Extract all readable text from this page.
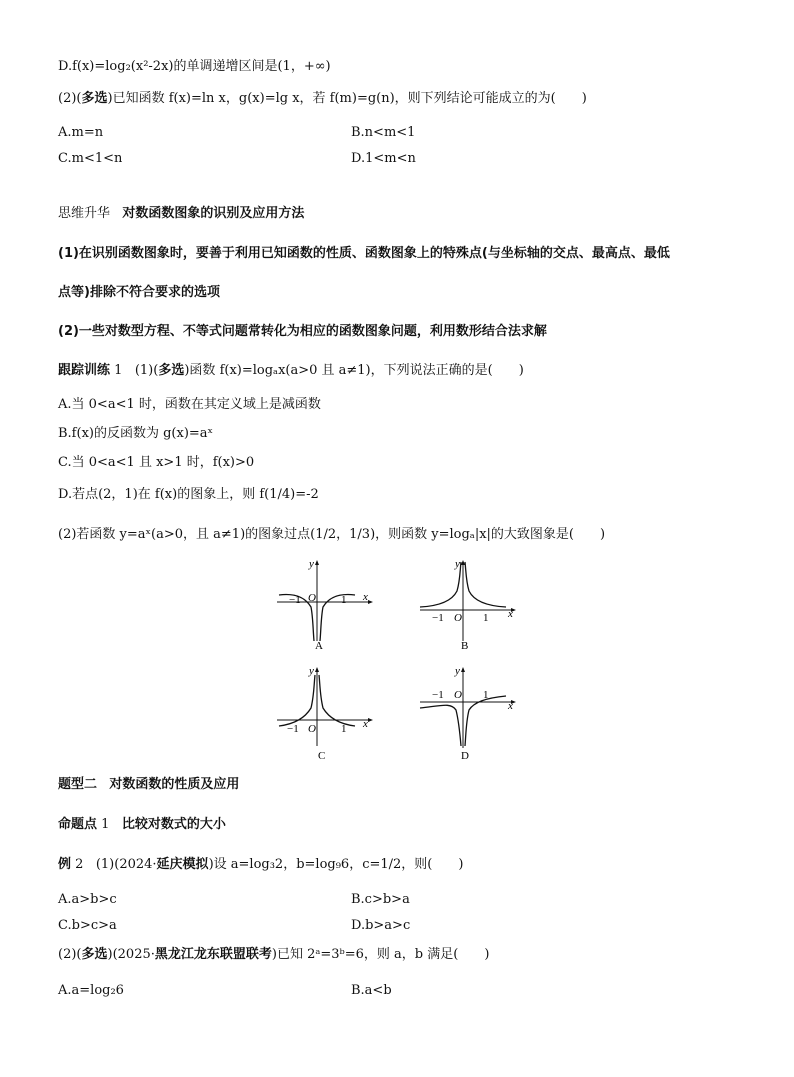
D.f(x)=log₂(x²-2x)的单调递增区间是(1，+∞)
(2)(多选)已知函数 f(x)=ln x，g(x)=lg x，若 f(m)=g(n)，则下列结论可能成立的为(　　)
A.m=n	B.n<m<1
C.m<1<n	D.1<m<n
思维升华 对数函数图象的识别及应用方法
(1)在识别函数图象时，要善于利用已知函数的性质、函数图象上的特殊点(与坐标轴的交点、最高点、最低
点等)排除不符合要求的选项
(2)一些对数型方程、不等式问题常转化为相应的函数图象问题，利用数形结合法求解
跟踪训练 1 (1)(多选)函数 f(x)=logₐx(a>0 且 a≠1)，下列说法正确的是(　　)
A.当 0<a<1 时，函数在其定义域上是减函数
B.f(x)的反函数为 g(x)=aˣ
C.当 0<a<1 且 x>1 时，f(x)>0
D.若点(2，1)在 f(x)的图象上，则 f(1/4)=-2
(2)若函数 y=aˣ(a>0，且 a≠1)的图象过点(1/2，1/3)，则函数 y=logₐ|x|的大致图象是(　　)
y
x
O
−1	1
A
y
x
O
−1	1
B
y
x
O
−1	1
C
y
x
O
−1	1
D
题型二 对数函数的性质及应用
命题点 1 比较对数式的大小
例 2 (1)(2024·延庆模拟)设 a=log₃2，b=log₉6，c=1/2，则(　　)
A.a>b>c	B.c>b>a
C.b>c>a	D.b>a>c
(2)(多选)(2025·黑龙江龙东联盟联考)已知 2ᵃ=3ᵇ=6，则 a，b 满足(　　)
A.a=log₂6	B.a<b
